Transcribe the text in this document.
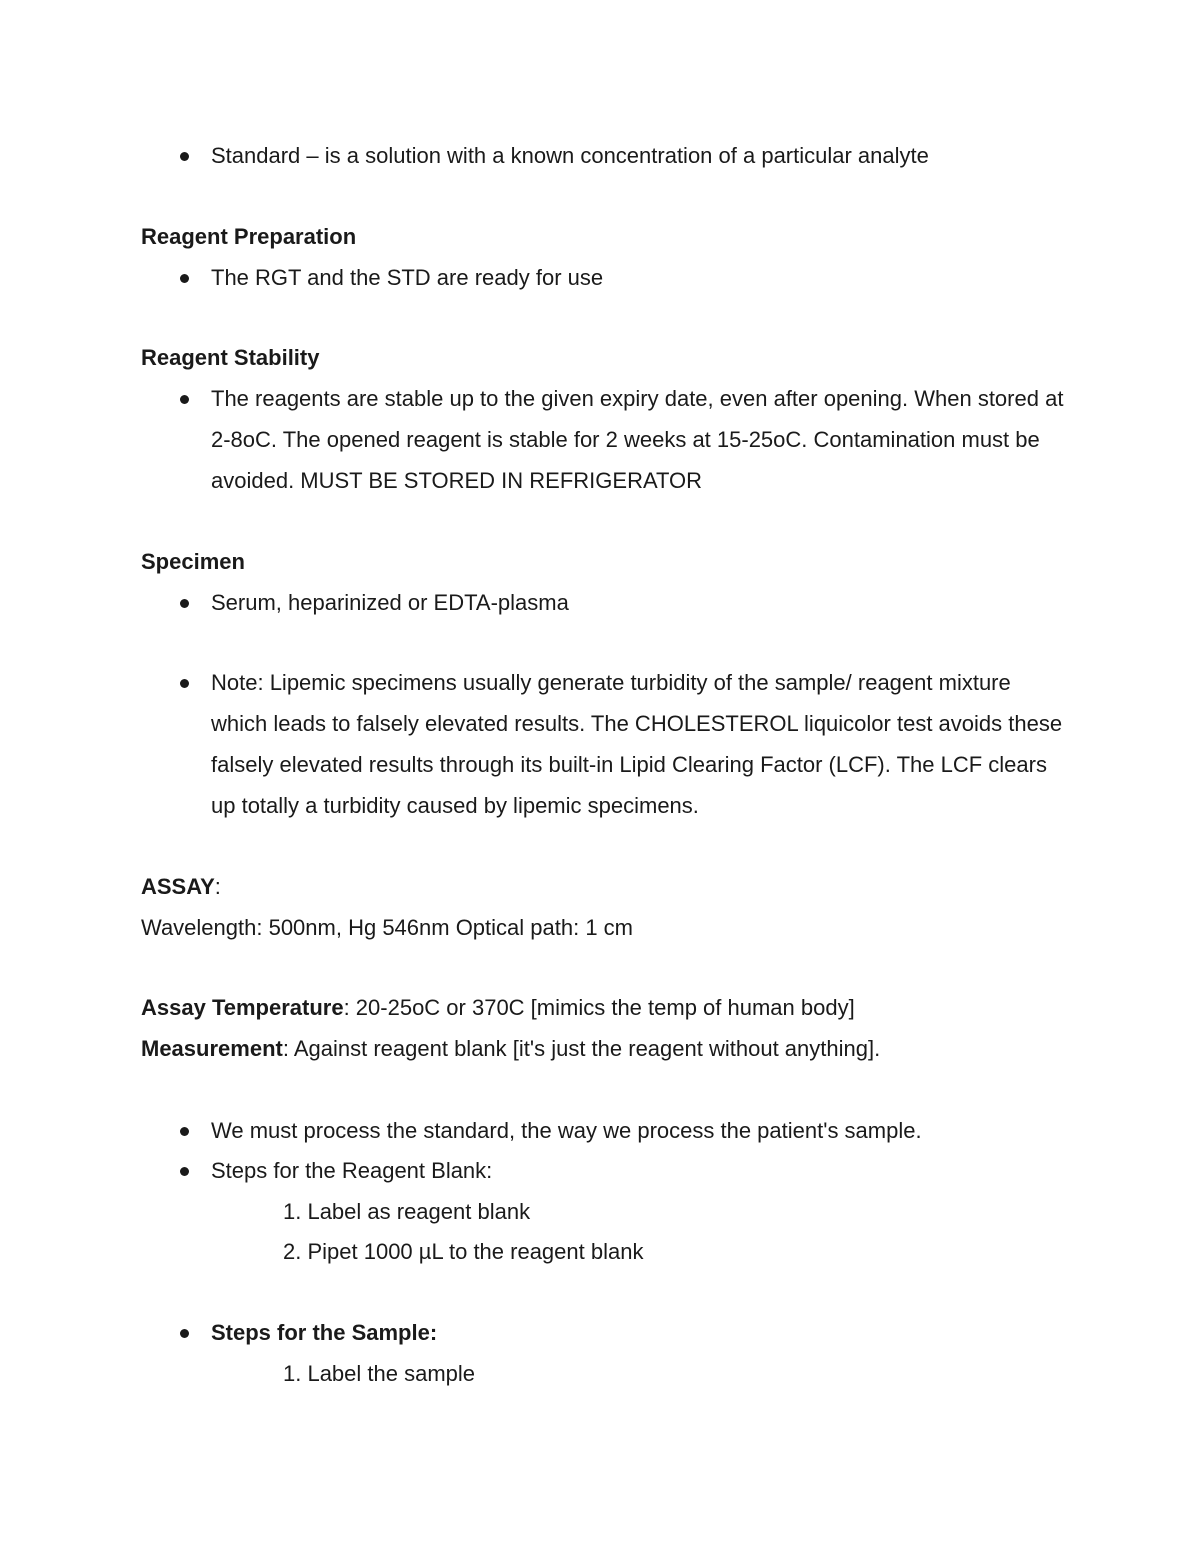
Standard – is a solution with a known concentration of a particular analyte
Reagent Preparation
The RGT and the STD are ready for use
Reagent Stability
The reagents are stable up to the given expiry date, even after opening. When stored at 2-8oC. The opened reagent is stable for 2 weeks at 15-25oC. Contamination must be avoided. MUST BE STORED IN REFRIGERATOR
Specimen
Serum, heparinized or EDTA-plasma
Note: Lipemic specimens usually generate turbidity of the sample/ reagent mixture which leads to falsely elevated results. The CHOLESTEROL liquicolor test avoids these falsely elevated results through its built-in Lipid Clearing Factor (LCF). The LCF clears up totally a turbidity caused by lipemic specimens.
ASSAY:
Wavelength: 500nm, Hg 546nm Optical path: 1 cm
Assay Temperature: 20-25oC or 370C [mimics the temp of human body]
Measurement: Against reagent blank [it's just the reagent without anything].
We must process the standard, the way we process the patient's sample.
Steps for the Reagent Blank:
1. Label as reagent blank
2. Pipet 1000 µL to the reagent blank
Steps for the Sample:
1. Label the sample
